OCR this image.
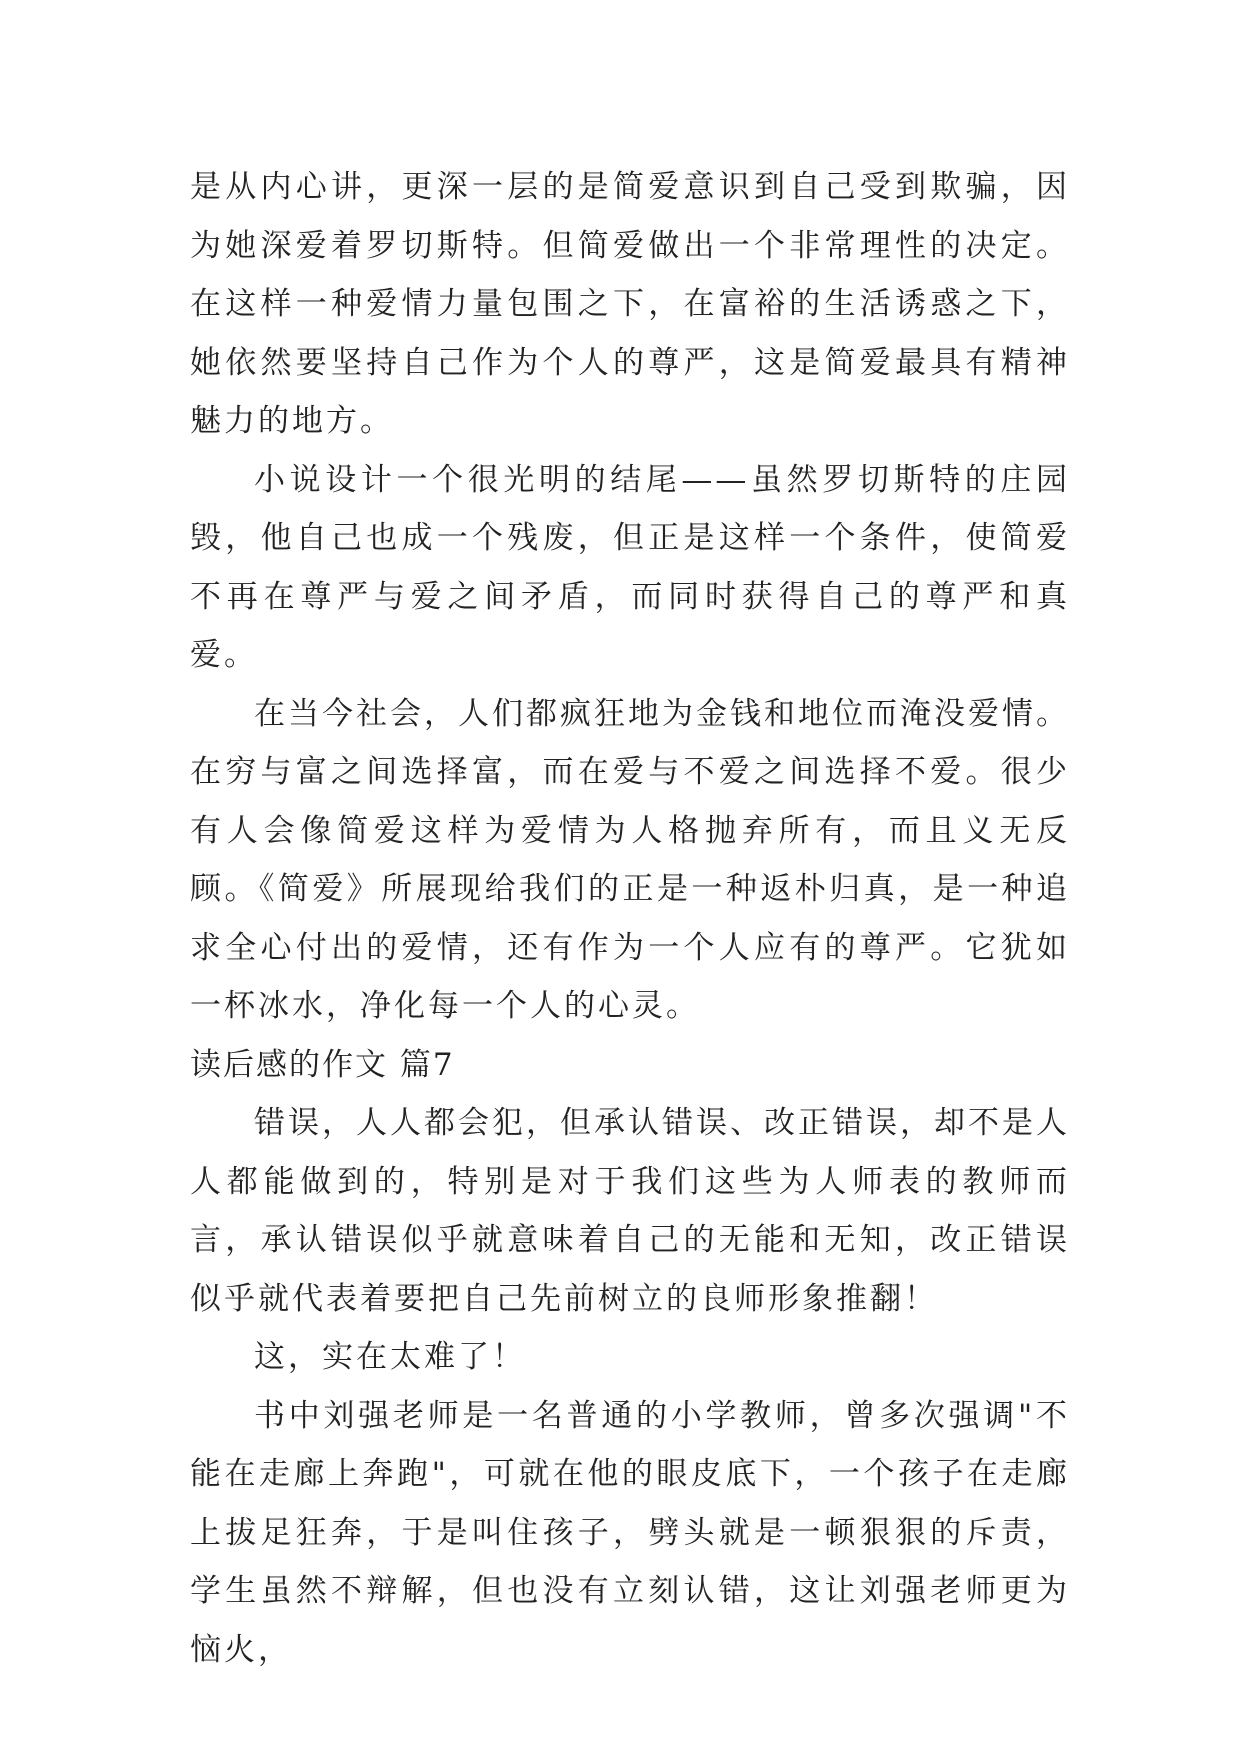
是从内心讲，更深一层的是简爱意识到自己受到欺骗，因为她深爱着罗切斯特。但简爱做出一个非常理性的决定。在这样一种爱情力量包围之下，在富裕的生活诱惑之下，她依然要坚持自己作为个人的尊严，这是简爱最具有精神魅力的地方。

小说设计一个很光明的结尾——虽然罗切斯特的庄园毁，他自己也成一个残废，但正是这样一个条件，使简爱不再在尊严与爱之间矛盾，而同时获得自己的尊严和真爱。

在当今社会，人们都疯狂地为金钱和地位而淹没爱情。在穷与富之间选择富，而在爱与不爱之间选择不爱。很少有人会像简爱这样为爱情为人格抛弃所有，而且义无反顾。《简爱》所展现给我们的正是一种返朴归真，是一种追求全心付出的爱情，还有作为一个人应有的尊严。它犹如一杯冰水，净化每一个人的心灵。

读后感的作文 篇7

错误，人人都会犯，但承认错误、改正错误，却不是人人都能做到的，特别是对于我们这些为人师表的教师而言，承认错误似乎就意味着自己的无能和无知，改正错误似乎就代表着要把自己先前树立的良师形象推翻！

这，实在太难了！

书中刘强老师是一名普通的小学教师，曾多次强调"不能在走廊上奔跑"，可就在他的眼皮底下，一个孩子在走廊上拔足狂奔，于是叫住孩子，劈头就是一顿狠狠的斥责，学生虽然不辩解，但也没有立刻认错，这让刘强老师更为恼火，
